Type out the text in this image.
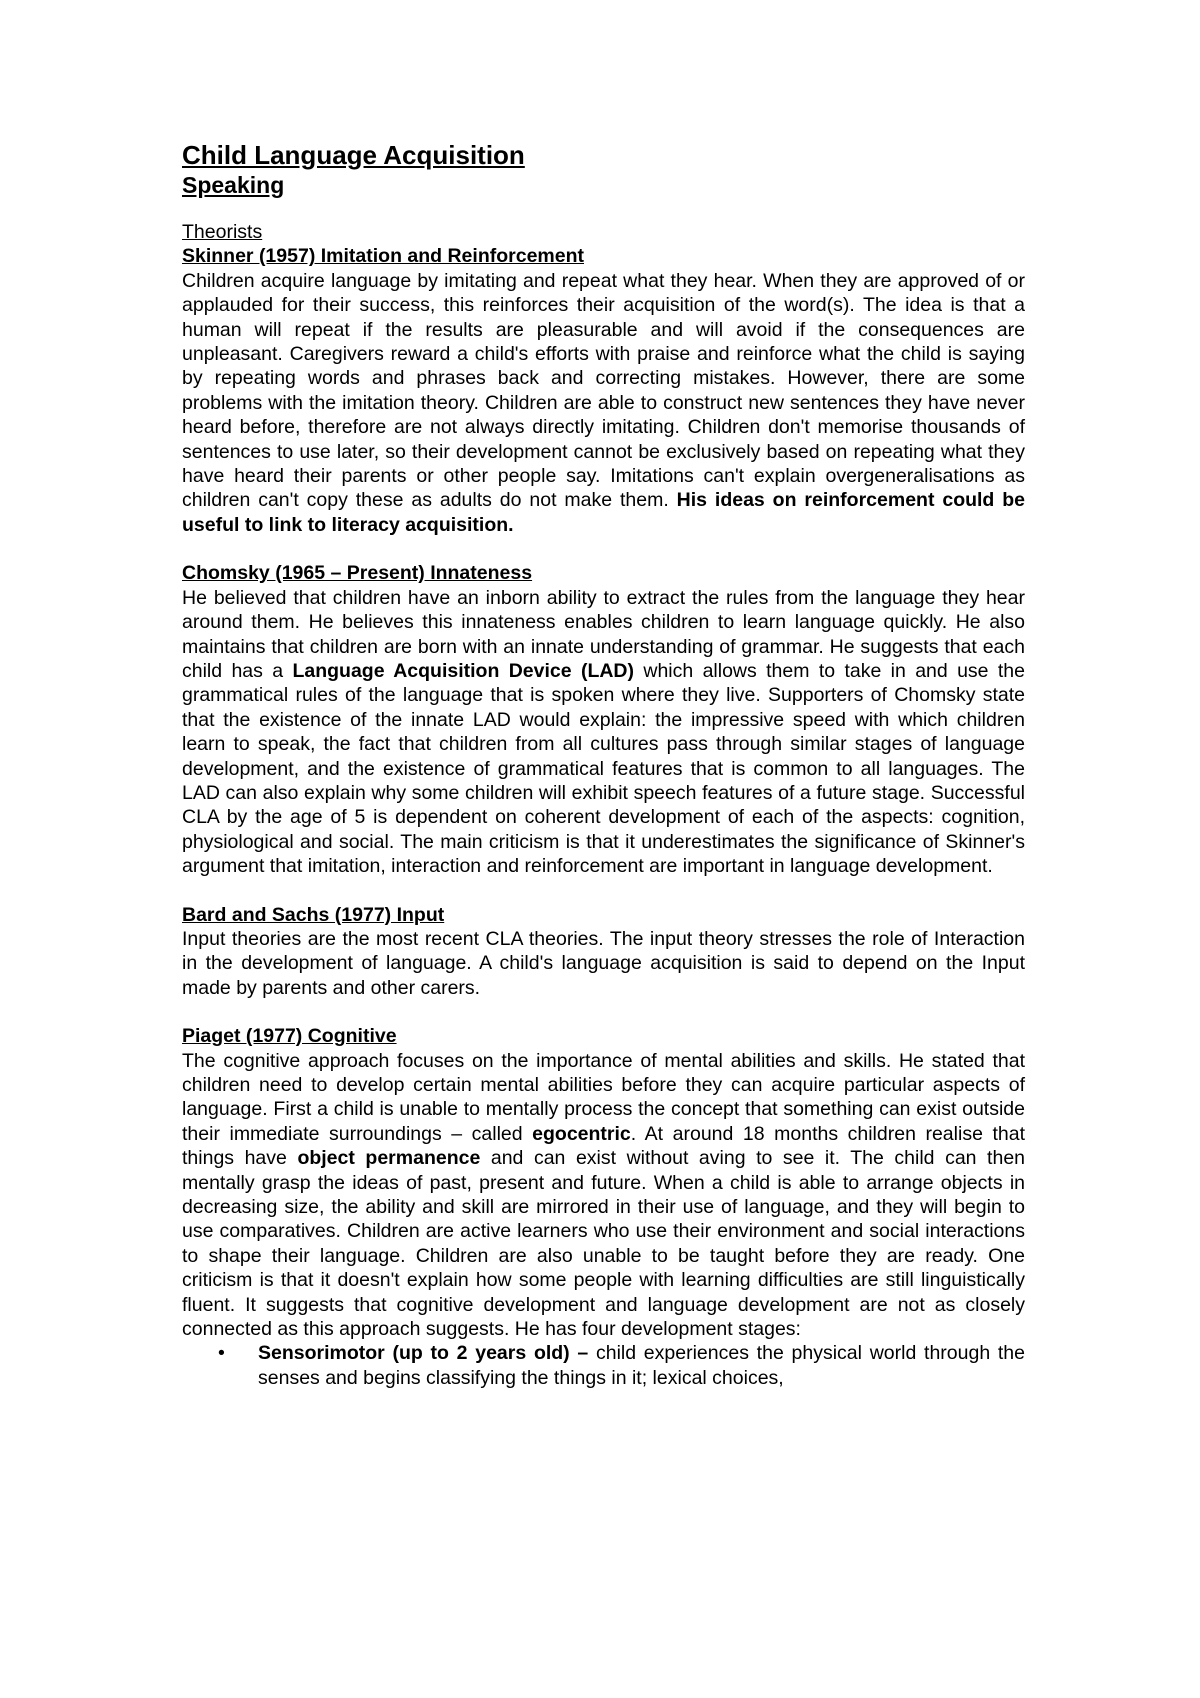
Child Language Acquisition
Speaking
Theorists
Skinner (1957) Imitation and Reinforcement

Children acquire language by imitating and repeat what they hear. When they are approved of or applauded for their success, this reinforces their acquisition of the word(s). The idea is that a human will repeat if the results are pleasurable and will avoid if the consequences are unpleasant. Caregivers reward a child's efforts with praise and reinforce what the child is saying by repeating words and phrases back and correcting mistakes. However, there are some problems with the imitation theory. Children are able to construct new sentences they have never heard before, therefore are not always directly imitating. Children don't memorise thousands of sentences to use later, so their development cannot be exclusively based on repeating what they have heard their parents or other people say. Imitations can't explain overgeneralisations as children can't copy these as adults do not make them. His ideas on reinforcement could be useful to link to literacy acquisition.

Chomsky (1965 – Present) Innateness

He believed that children have an inborn ability to extract the rules from the language they hear around them. He believes this innateness enables children to learn language quickly. He also maintains that children are born with an innate understanding of grammar. He suggests that each child has a Language Acquisition Device (LAD) which allows them to take in and use the grammatical rules of the language that is spoken where they live. Supporters of Chomsky state that the existence of the innate LAD would explain: the impressive speed with which children learn to speak, the fact that children from all cultures pass through similar stages of language development, and the existence of grammatical features that is common to all languages. The LAD can also explain why some children will exhibit speech features of a future stage. Successful CLA by the age of 5 is dependent on coherent development of each of the aspects: cognition, physiological and social. The main criticism is that it underestimates the significance of Skinner's argument that imitation, interaction and reinforcement are important in language development.

Bard and Sachs (1977) Input

Input theories are the most recent CLA theories. The input theory stresses the role of Interaction in the development of language. A child's language acquisition is said to depend on the Input made by parents and other carers.

Piaget (1977) Cognitive

The cognitive approach focuses on the importance of mental abilities and skills. He stated that children need to develop certain mental abilities before they can acquire particular aspects of language. First a child is unable to mentally process the concept that something can exist outside their immediate surroundings – called egocentric. At around 18 months children realise that things have object permanence and can exist without aving to see it. The child can then mentally grasp the ideas of past, present and future. When a child is able to arrange objects in decreasing size, the ability and skill are mirrored in their use of language, and they will begin to use comparatives. Children are active learners who use their environment and social interactions to shape their language. Children are also unable to be taught before they are ready. One criticism is that it doesn't explain how some people with learning difficulties are still linguistically fluent. It suggests that cognitive development and language development are not as closely connected as this approach suggests. He has four development stages:

• Sensorimotor (up to 2 years old) – child experiences the physical world through the senses and begins classifying the things in it; lexical choices,
